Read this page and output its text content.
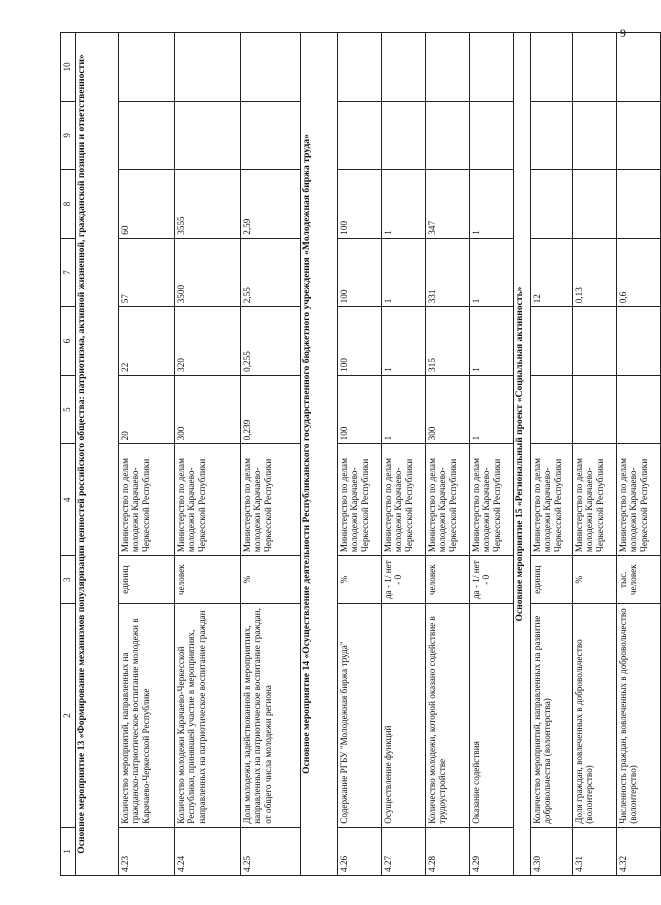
9
1	2	3	4	5	6	7	8	9	10
Основное мероприятие 13 «Формирование механизмов популяризации ценностей российского общества: патриотизма, активной жизненной, гражданской позиции и ответственности»									
4.23	Количество мероприятий, направленных на гражданско-патриотическое воспитание молодежи в Карачаево-Черкесской Республике	единиц	Министерство по делам молодежи Карачаево-Черкесской Республики	20	22	57	60		
4.24	Количество молодежи Карачаево-Черкесской Республики, принявшей участие в мероприятиях, направленных на патриотическое воспитание граждан	человек	Министерство по делам молодежи Карачаево-Черкесской Республики	300	320	3500	3555		
4.25	Доля молодежи, задействованной в мероприятиях, направленных на патриотическое воспитание граждан, от общего числа молодежи региона	%	Министерство по делам молодежи Карачаево-Черкесской Республики	0,239	0,255	2,55	2,59		
Основное мероприятие 14 «Осуществление деятельности Республиканского государственного бюджетного учреждения «Молодежная биржа труда»									
4.26	Содержание РГБУ "Молодежная биржа труда"	%	Министерство по делам молодежи Карачаево-Черкесской Республики	100	100	100	100		
4.27	Осуществление функций	да - 1/ нет - 0	Министерство по делам молодежи Карачаево-Черкесской Республики	1	1	1	1		
4.28	Количество молодежи, которой оказано содействие в трудоустройстве	человек	Министерство по делам молодежи Карачаево-Черкесской Республики	300	315	331	347		
4.29	Оказание содействия	да - 1/ нет - 0	Министерство по делам молодежи Карачаево-Черкесской Республики	1	1	1	1		
Основное мероприятие 15 «Региональный проект «Социальная активность»									
4.30	Количество мероприятий, направленных на развитие добровольчества (волонтерства)	единиц	Министерство по делам молодежи Карачаево-Черкесской Республики			12			
4.31	Доля граждан, вовлеченных в добровольчество (волонтерство)	%	Министерство по делам молодежи Карачаево-Черкесской Республики			0,13			
4.32	Численность граждан, вовлеченных в добровольчество (волонтерство)	тыс. человек	Министерство по делам молодежи Карачаево-Черкесской Республики			0,6			
